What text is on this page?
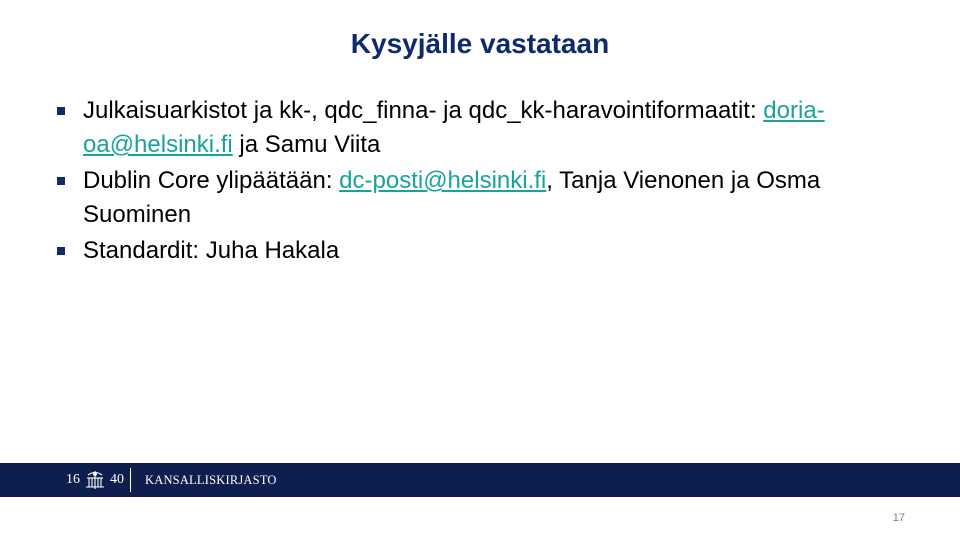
Kysyjälle vastataan
Julkaisuarkistot ja kk-, qdc_finna- ja qdc_kk-haravointiformaatit: doria-oa@helsinki.fi ja Samu Viita
Dublin Core ylipäätään: dc-posti@helsinki.fi, Tanja Vienonen ja Osma Suominen
Standardit: Juha Hakala
16 40 KANSALLISKIRJASTO
17
